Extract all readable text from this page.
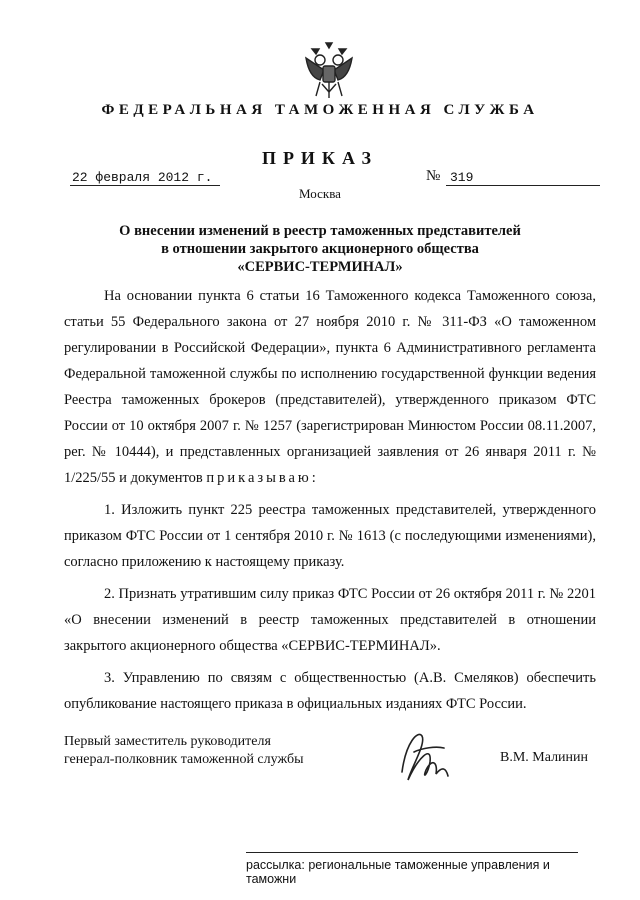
ФЕДЕРАЛЬНАЯ ТАМОЖЕННАЯ СЛУЖБА
ПРИКАЗ
22 февраля 2012 г.	№ 319
Москва
О внесении изменений в реестр таможенных представителей
в отношении закрытого акционерного общества
«СЕРВИС-ТЕРМИНАЛ»

На основании пункта 6 статьи 16 Таможенного кодекса Таможенного союза, статьи 55 Федерального закона от 27 ноября 2010 г. № 311-ФЗ «О таможенном регулировании в Российской Федерации», пункта 6 Административного регламента Федеральной таможенной службы по исполнению государственной функции ведения Реестра таможенных брокеров (представителей), утвержденного приказом ФТС России от 10 октября 2007 г. № 1257 (зарегистрирован Минюстом России 08.11.2007, рег. № 10444), и представленных организацией заявления от 26 января 2011 г. № 1/225/55 и документов приказываю:

1. Изложить пункт 225 реестра таможенных представителей, утвержденного приказом ФТС России от 1 сентября 2010 г. № 1613 (с последующими изменениями), согласно приложению к настоящему приказу.

2. Признать утратившим силу приказ ФТС России от 26 октября 2011 г. № 2201 «О внесении изменений в реестр таможенных представителей в отношении закрытого акционерного общества «СЕРВИС-ТЕРМИНАЛ».

3. Управлению по связям с общественностью (А.В. Смеляков) обеспечить опубликование настоящего приказа в официальных изданиях ФТС России.

Первый заместитель руководителя
генерал-полковник таможенной службы	В.М. Малинин
рассылка: региональные таможенные управления и таможни
